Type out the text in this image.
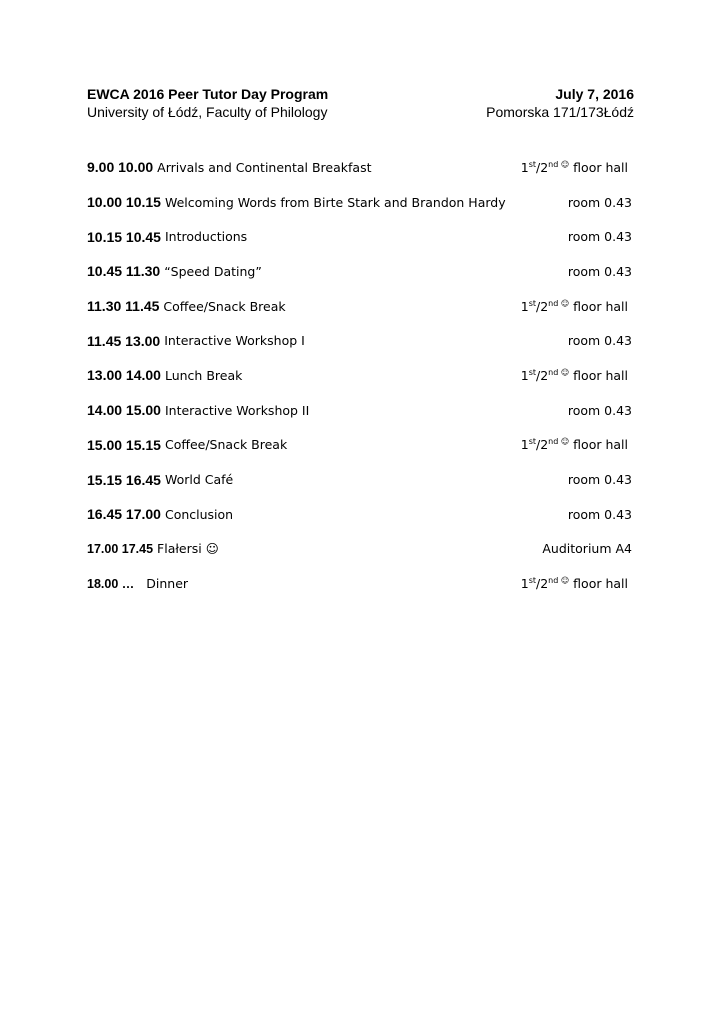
EWCA 2016 Peer Tutor Day Program	July 7, 2016
University of Łódź, Faculty of Philology	Pomorska 171/173Łódź
9.00 10.00 Arrivals and Continental Breakfast	$1st/2^{nd ☺}$ floor hall
10.00 10.15 Welcoming Words from Birte Stark and Brandon Hardy	room 0.43
10.15 10.45 Introductions	room 0.43
10.45 11.30 “Speed Dating”	room 0.43
11.30 11.45 Coffee/Snack Break	$1st/2^{nd ☺}$ floor hall
11.45 13.00 Interactive Workshop I	room 0.43
13.00 14.00 Lunch Break	$1st/2^{nd ☺}$ floor hall
14.00 15.00 Interactive Workshop II	room 0.43
15.00 15.15 Coffee/Snack Break	$1st/2^{nd ☺}$ floor hall
15.15 16.45 World Café	room 0.43
16.45 17.00 Conclusion	room 0.43
17.00 17.45 Flałersi ☺	Auditorium A4
18.00 … Dinner	$1st/2^{nd ☺}$ floor hall
